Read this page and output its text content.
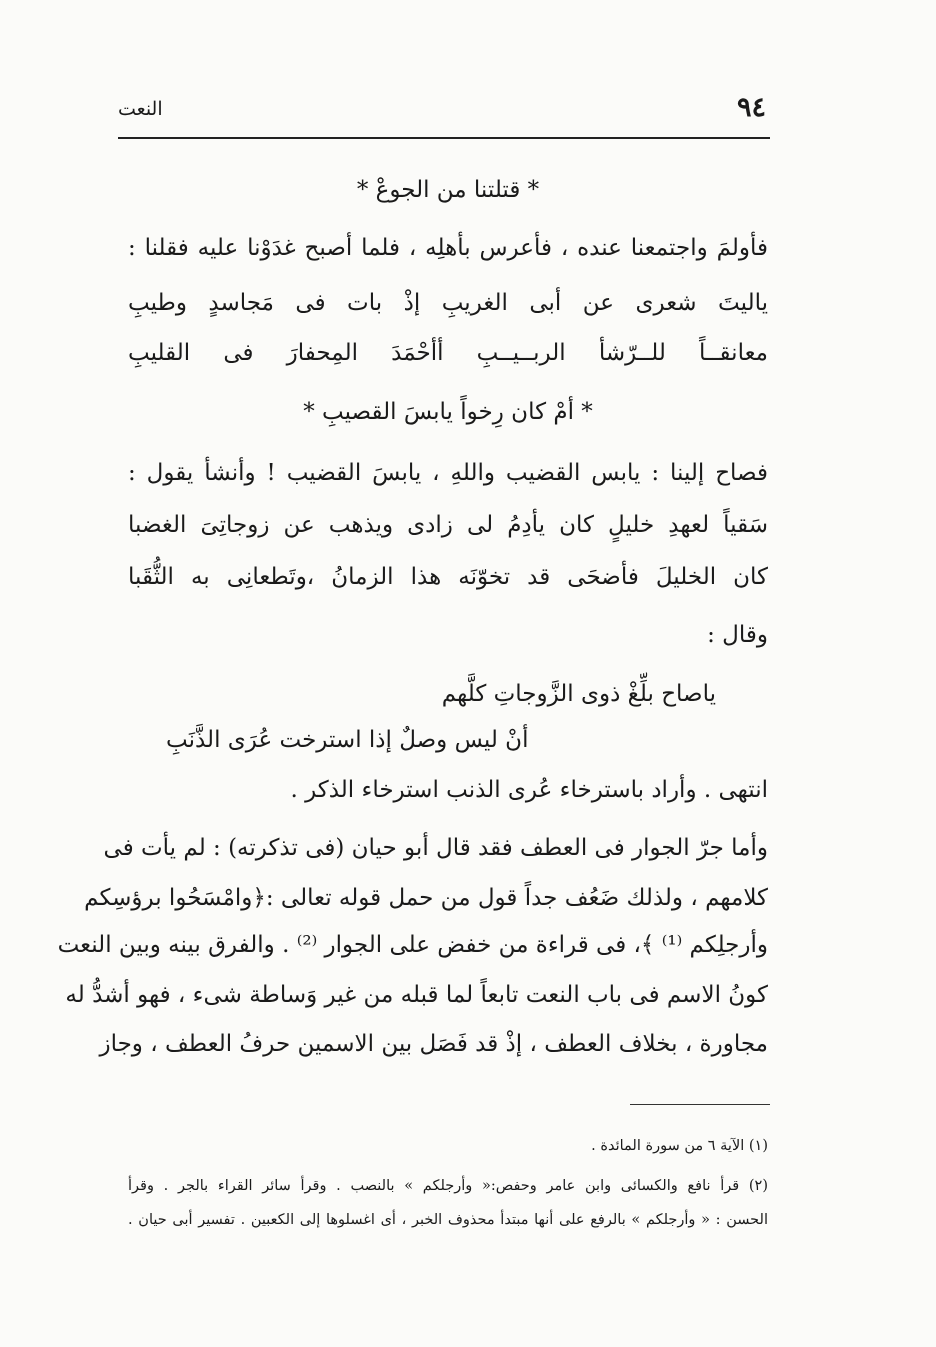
٩٤
النعت
* قتلتنا من الجوعْ *
فأولمَ واجتمعنا عنده ، فأعرس بأهلِه ، فلما أصبح غدَوْنا عليه فقلنا :
ياليتَ شعرى عن أبى الغريبِ إذْ بات فى مَجاسدٍ وطيبِ
معانقــاً للــرّشأ الربــيــبِ أأحْمَدَ المِحفارَ فى القليبِ
* أمْ كان رِخواً يابسَ القصيبِ *
فصاح إلينا : يابس القضيب واللهِ ، يابسَ القضيب ! وأنشأ يقول :
سَقياً لعهدِ خليلٍ كان يأدِمُ لى زادى ويذهب عن زوجاتِىَ الغضبا
كان الخليلَ فأضحَى قد تخوّنَه هذا الزمانُ ،وتَطعانِى به الثُّقَبا
وقال :
ياصاح بلِّغْ ذوى الزَّوجاتِ كلَّهم
أنْ ليس وصلٌ إذا استرخت عُرَى الذَّنَبِ
انتهى . وأراد باسترخاء عُرى الذنب استرخاء الذكر .
وأما جرّ الجوار فى العطف فقد قال أبو حيان (فى تذكرته) : لم يأت فى
كلامهم ، ولذلك ضَعُف جداً قول من حمل قوله تعالى :﴿وامْسَحُوا برؤسِكم
وأرجلِكم ⁽¹⁾ ﴾، فى قراءة من خفض على الجوار ⁽²⁾ . والفرق بينه وبين النعت
كونُ الاسم فى باب النعت تابعاً لما قبله من غير وَساطة شىء ، فهو أشدُّ له
مجاورة ، بخلاف العطف ، إذْ قد فَصَل بين الاسمين حرفُ العطف ، وجاز
(١) الآية ٦ من سورة المائدة .
(٢) قرأ نافع والكسائى وابن عامر وحفص:« وأرجلكم » بالنصب . وقرأ سائر القراء بالجر . وقرأ
الحسن : « وأرجلكم » بالرفع على أنها مبتدأ محذوف الخبر ، أى اغسلوها إلى الكعبين . تفسير أبى حيان .
